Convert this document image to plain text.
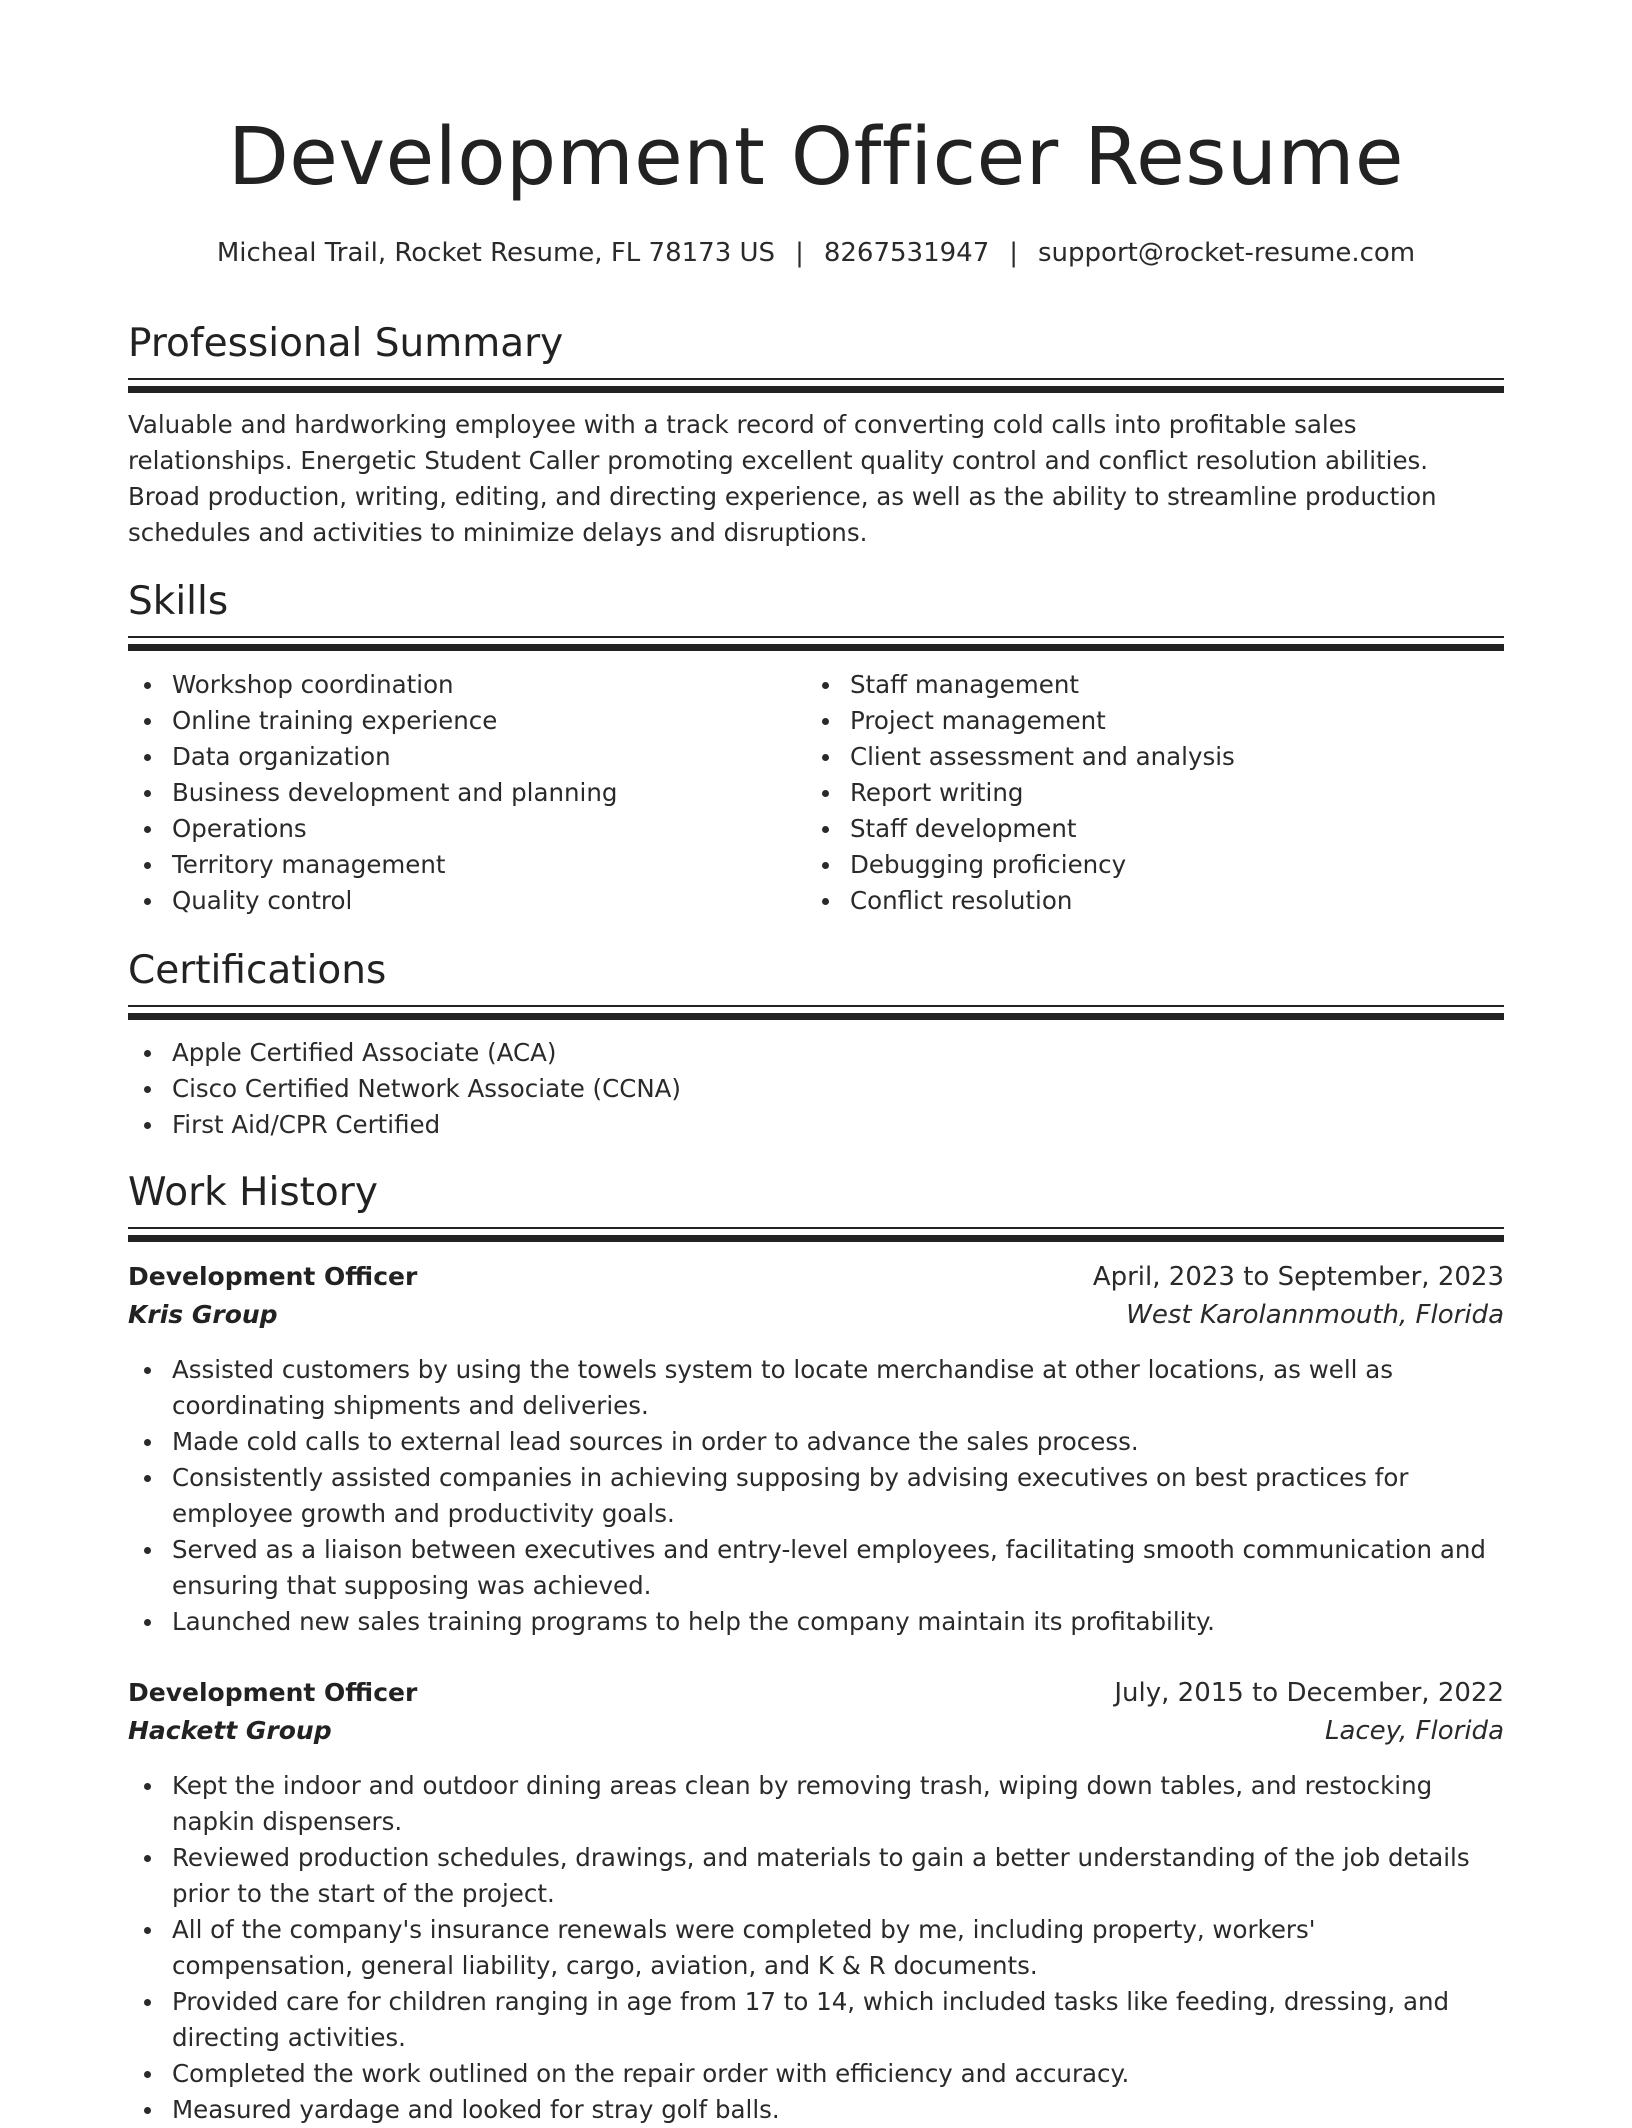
Development Officer Resume
Micheal Trail, Rocket Resume, FL 78173 US | 8267531947 | support@rocket-resume.com
Professional Summary
Valuable and hardworking employee with a track record of converting cold calls into profitable sales relationships. Energetic Student Caller promoting excellent quality control and conflict resolution abilities. Broad production, writing, editing, and directing experience, as well as the ability to streamline production schedules and activities to minimize delays and disruptions.
Skills
Workshop coordination
Online training experience
Data organization
Business development and planning
Operations
Territory management
Quality control
Staff management
Project management
Client assessment and analysis
Report writing
Staff development
Debugging proficiency
Conflict resolution
Certifications
Apple Certified Associate (ACA)
Cisco Certified Network Associate (CCNA)
First Aid/CPR Certified
Work History
Development Officer	April, 2023 to September, 2023
Kris Group	West Karolannmouth, Florida
Assisted customers by using the towels system to locate merchandise at other locations, as well as coordinating shipments and deliveries.
Made cold calls to external lead sources in order to advance the sales process.
Consistently assisted companies in achieving supposing by advising executives on best practices for employee growth and productivity goals.
Served as a liaison between executives and entry-level employees, facilitating smooth communication and ensuring that supposing was achieved.
Launched new sales training programs to help the company maintain its profitability.
Development Officer	July, 2015 to December, 2022
Hackett Group	Lacey, Florida
Kept the indoor and outdoor dining areas clean by removing trash, wiping down tables, and restocking napkin dispensers.
Reviewed production schedules, drawings, and materials to gain a better understanding of the job details prior to the start of the project.
All of the company's insurance renewals were completed by me, including property, workers' compensation, general liability, cargo, aviation, and K & R documents.
Provided care for children ranging in age from 17 to 14, which included tasks like feeding, dressing, and directing activities.
Completed the work outlined on the repair order with efficiency and accuracy.
Measured yardage and looked for stray golf balls.
